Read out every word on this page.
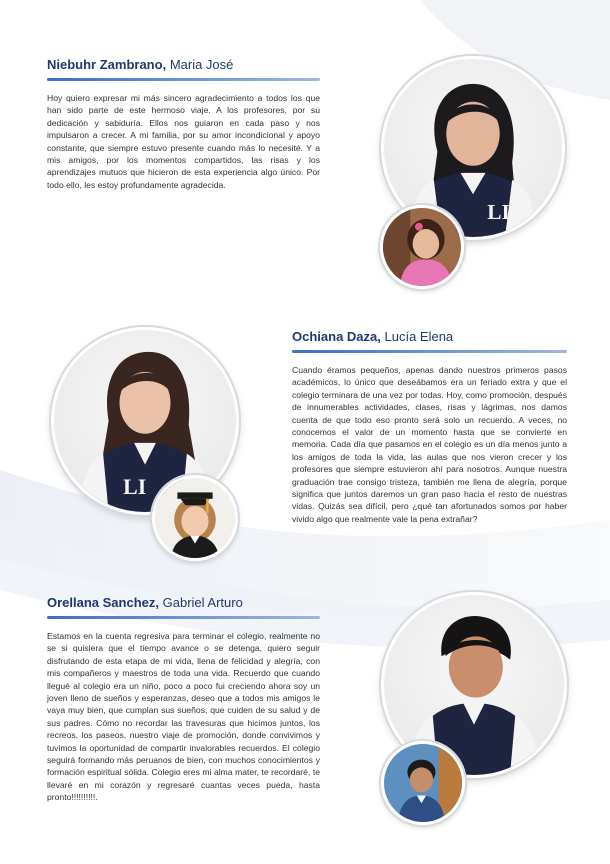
Niebuhr Zambrano, Maria José

Hoy quiero expresar mi más sincero agradecimiento a todos los que han sido parte de este hermoso viaje. A los profesores, por su dedicación y sabiduría. Ellos nos guiaron en cada paso y nos impulsaron a crecer. A mi familia, por su amor incondicional y apoyo constante, que siempre estuvo presente cuando más lo necesité. Y a mis amigos, por los momentos compartidos, las risas y los aprendizajes mutuos que hicieron de esta experiencia algo único. Por todo ello, les estoy profundamente agradecida.

LI
LI
Ochiana Daza, Lucía Elena

Cuando éramos pequeños, apenas dando nuestros primeros pasos académicos, lo único que deseábamos era un feriado extra y que el colegio terminara de una vez por todas. Hoy, como promoción, después de innumerables actividades, clases, risas y lágrimas, nos damos cuenta de que todo eso pronto será solo un recuerdo. A veces, no conocemos el valor de un momento hasta que se convierte en memoria. Cada día que pasamos en el colegio es un día menos junto a los amigos de toda la vida, las aulas que nos vieron crecer y los profesores que siempre estuvieron ahí para nosotros. Aunque nuestra graduación trae consigo tristeza, también me llena de alegría, porque significa que juntos daremos un gran paso hacia el resto de nuestras vidas. Quizás sea difícil, pero ¿qué tan afortunados somos por haber vivido algo que realmente vale la pena extrañar?

Orellana Sanchez, Gabriel Arturo

Estamos en la cuenta regresiva para terminar el colegio, realmente no se si quisiera que el tiempo avance o se detenga, quiero seguir disfrutando de esta etapa de mi vida, llena de felicidad y alegría, con mis compañeros y maestros de toda una vida. Recuerdo que cuando llegué al colegio era un niño, poco a poco fui creciendo ahora soy un joven lleno de sueños y esperanzas, deseo que a todos mis amigos le vaya muy bien, que cumplan sus sueños, que cuiden de su salud y de sus padres. Cómo no recordar las travesuras que hicimos juntos, los recreos, los paseos, nuestro viaje de promoción, donde convivimos y tuvimos la oportunidad de compartir invalorables recuerdos. El colegio seguirá formando más peruanos de bien, con muchos conocimientos y formación espiritual sólida. Colegio eres mi alma mater, te recordaré, te llevaré en mi corazón y regresaré cuantas veces pueda, hasta pronto!!!!!!!!!!.
